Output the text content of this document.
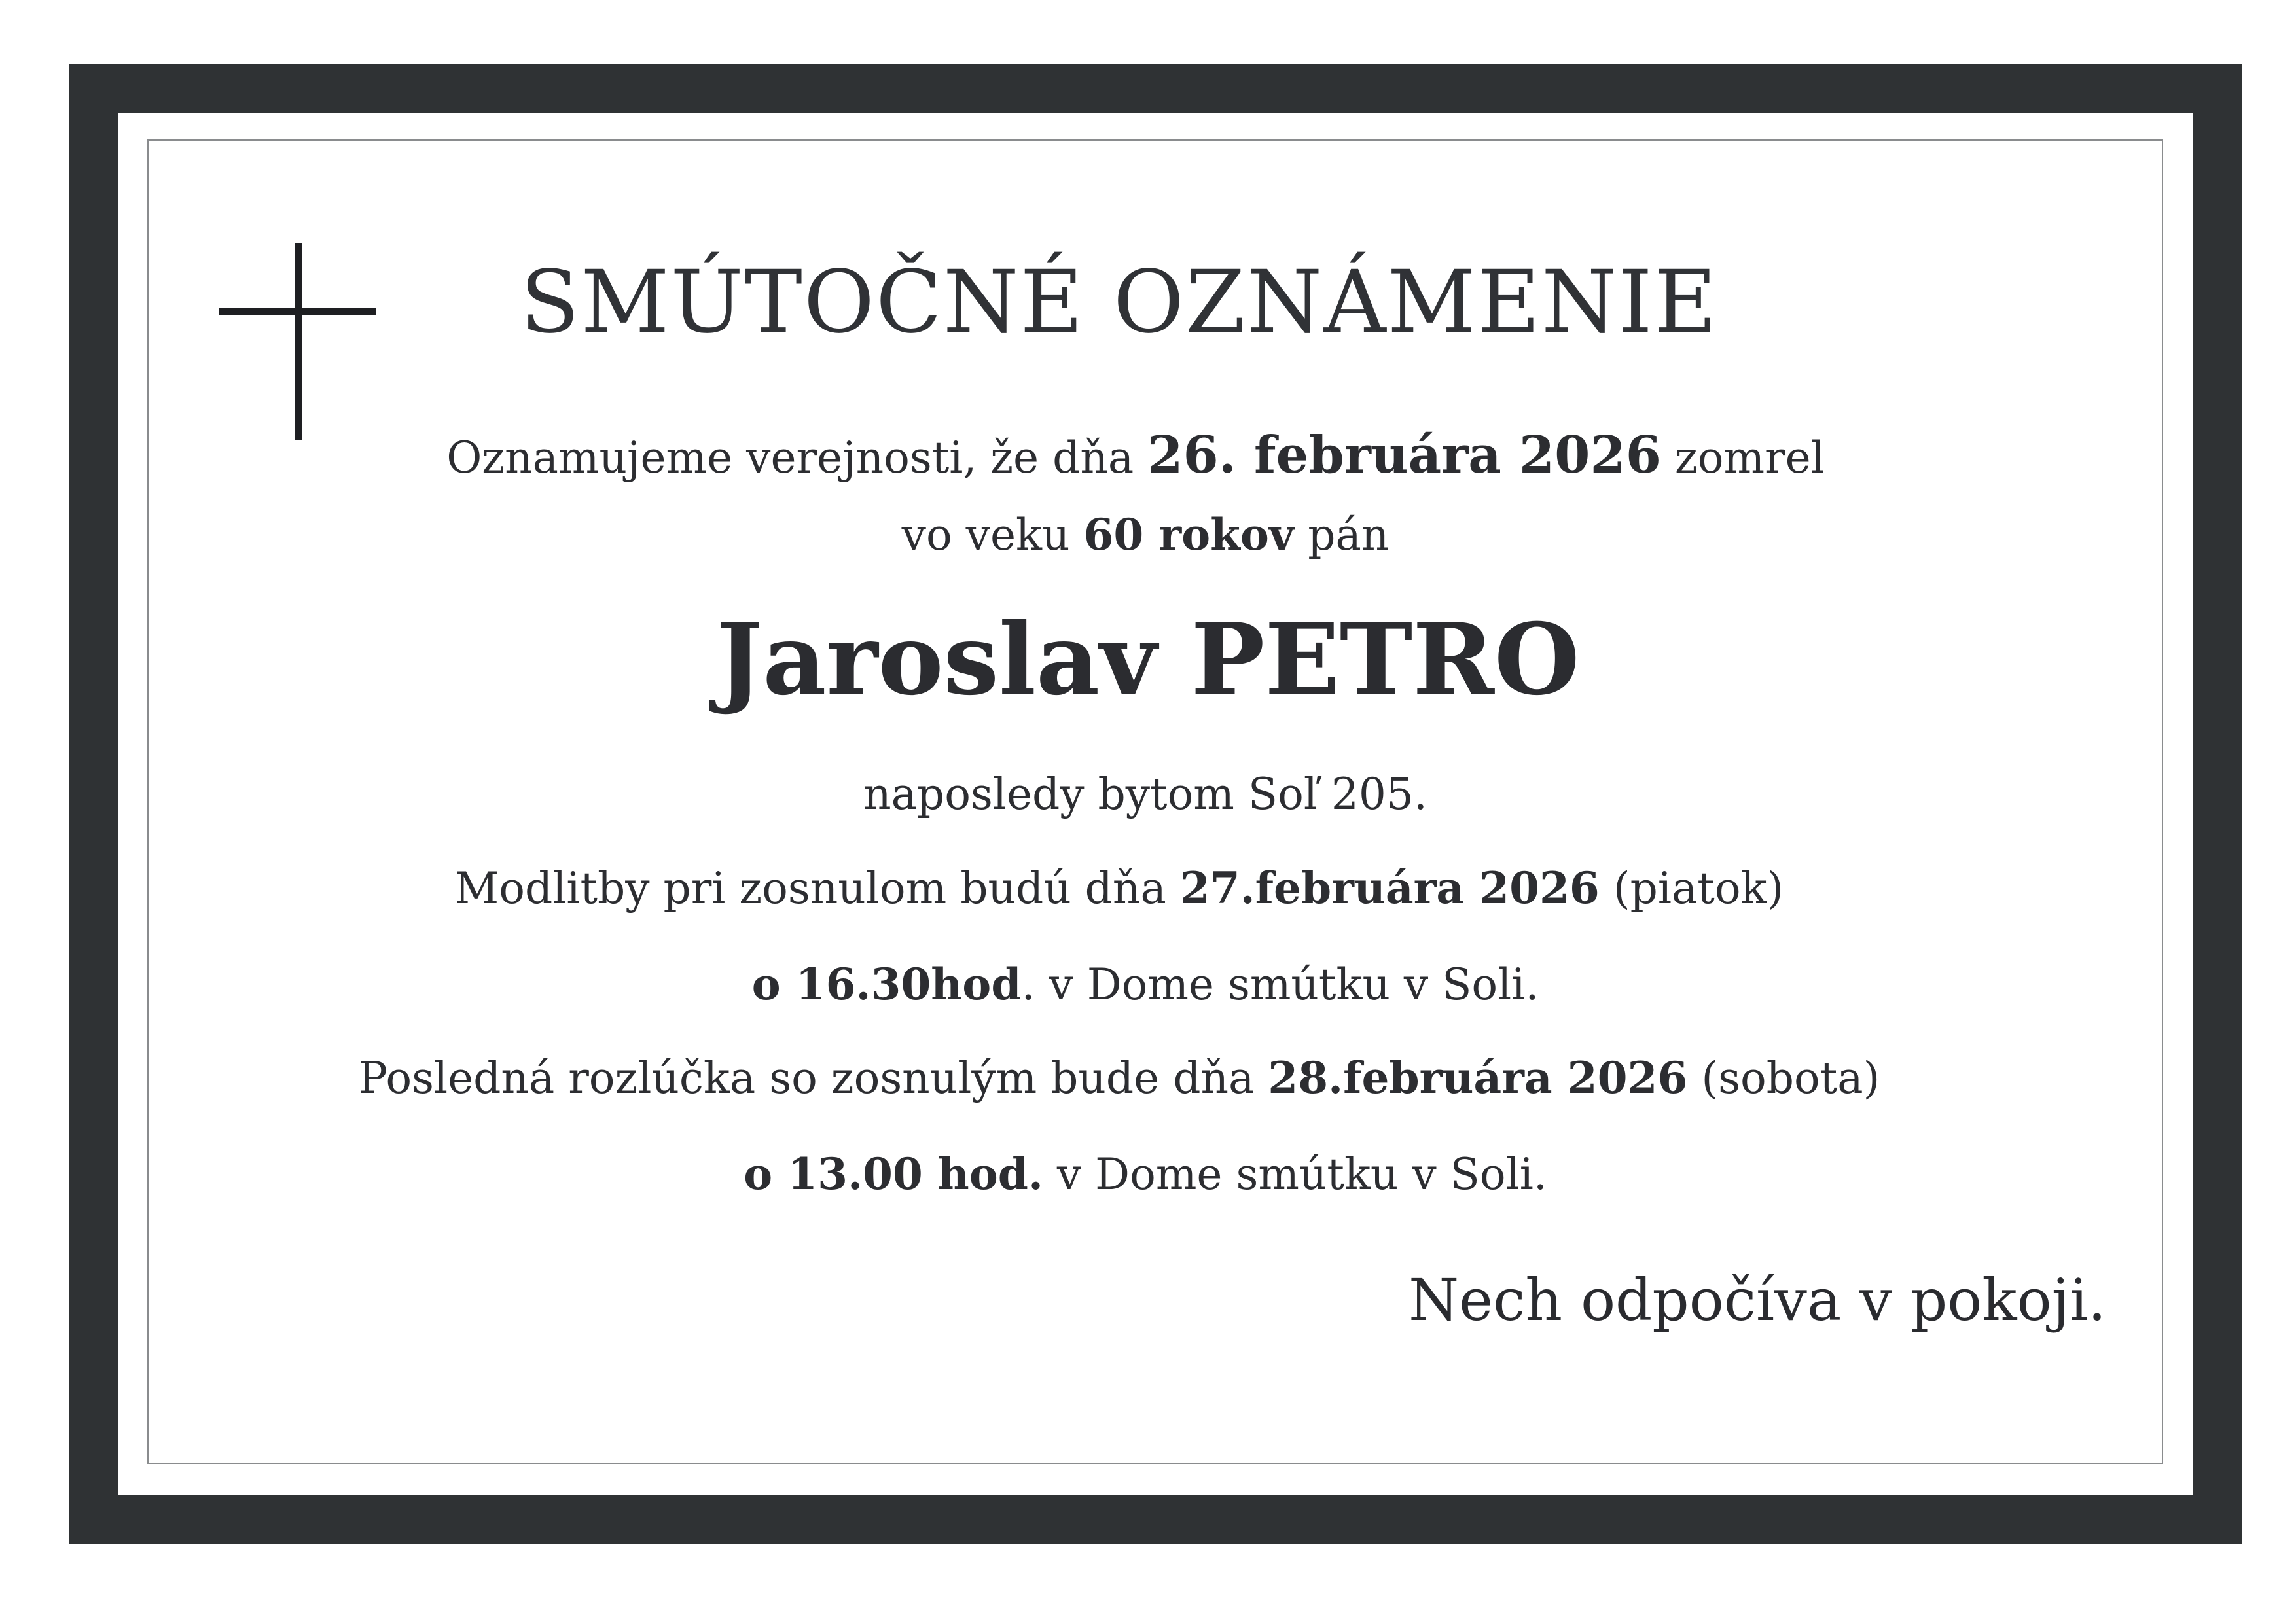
SMÚTOČNÉ OZNÁMENIE
Oznamujeme verejnosti, že dňa 26. februára 2026 zomrel
vo veku 60 rokov pán
Jaroslav PETRO
naposledy bytom Soľ 205.
Modlitby pri zosnulom budú dňa 27.februára 2026 (piatok)
o 16.30hod. v Dome smútku v Soli.
Posledná rozlúčka so zosnulým bude dňa 28.februára 2026 (sobota)
o 13.00 hod. v Dome smútku v Soli.
Nech odpočíva v pokoji.
